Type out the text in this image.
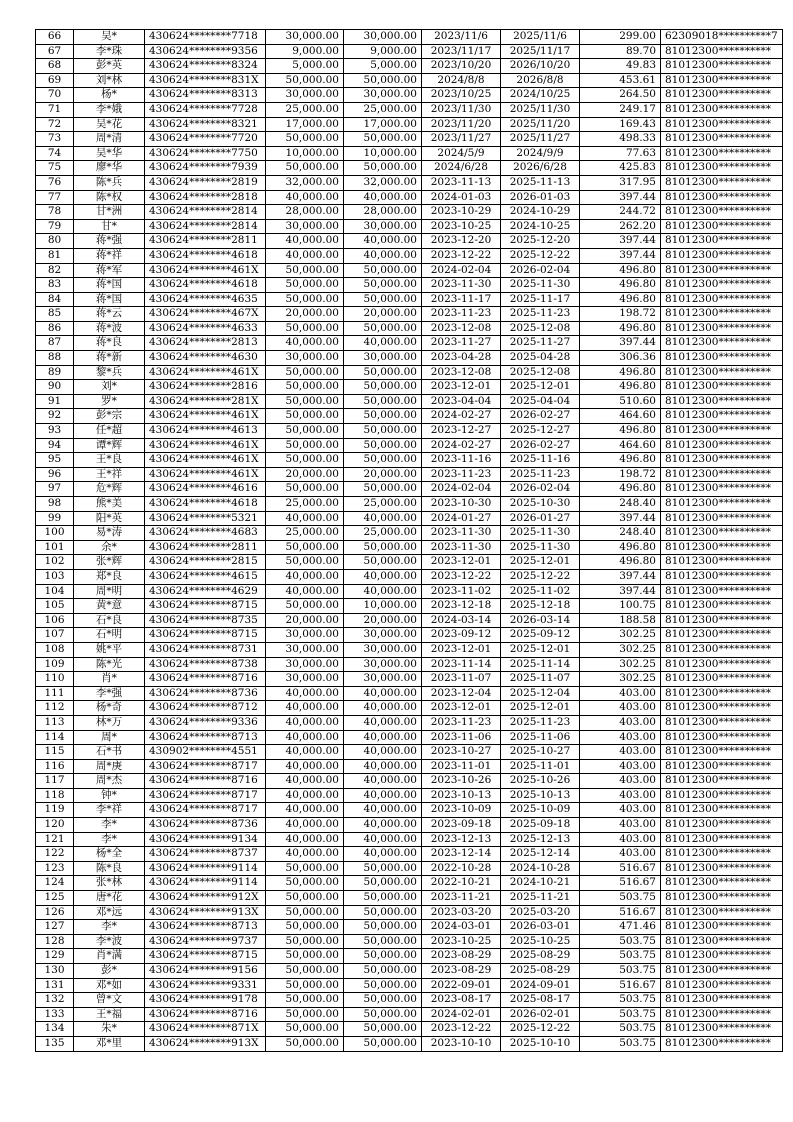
66	吴*	430624********7718	30,000.00	30,000.00	2023/11/6	2025/11/6	299.00	62309018**********7
67	李*珠	430624********9356	9,000.00	9,000.00	2023/11/17	2025/11/17	89.70	81012300**********
68	彭*英	430624********8324	5,000.00	5,000.00	2023/10/20	2026/10/20	49.83	81012300**********
69	刘*林	430624********831X	50,000.00	50,000.00	2024/8/8	2026/8/8	453.61	81012300**********
70	杨*	430624********8313	30,000.00	30,000.00	2023/10/25	2024/10/25	264.50	81012300**********
71	李*娥	430624********7728	25,000.00	25,000.00	2023/11/30	2025/11/30	249.17	81012300**********
72	吴*花	430624********8321	17,000.00	17,000.00	2023/11/20	2025/11/20	169.43	81012300**********
73	周*清	430624********7720	50,000.00	50,000.00	2023/11/27	2025/11/27	498.33	81012300**********
74	吴*华	430624********7750	10,000.00	10,000.00	2024/5/9	2024/9/9	77.63	81012300**********
75	廖*华	430624********7939	50,000.00	50,000.00	2024/6/28	2026/6/28	425.83	81012300**********
76	陈*兵	430624********2819	32,000.00	32,000.00	2023-11-13	2025-11-13	317.95	81012300**********
77	陈*权	430624********2818	40,000.00	40,000.00	2024-01-03	2026-01-03	397.44	81012300**********
78	甘*洲	430624********2814	28,000.00	28,000.00	2023-10-29	2024-10-29	244.72	81012300**********
79	甘*	430624********2814	30,000.00	30,000.00	2023-10-25	2024-10-25	262.20	81012300**********
80	蒋*强	430624********2811	40,000.00	40,000.00	2023-12-20	2025-12-20	397.44	81012300**********
81	蒋*祥	430624********4618	40,000.00	40,000.00	2023-12-22	2025-12-22	397.44	81012300**********
82	蒋*军	430624********461X	50,000.00	50,000.00	2024-02-04	2026-02-04	496.80	81012300**********
83	蒋*国	430624********4618	50,000.00	50,000.00	2023-11-30	2025-11-30	496.80	81012300**********
84	蒋*国	430624********4635	50,000.00	50,000.00	2023-11-17	2025-11-17	496.80	81012300**********
85	蒋*云	430624********467X	20,000.00	20,000.00	2023-11-23	2025-11-23	198.72	81012300**********
86	蒋*波	430624********4633	50,000.00	50,000.00	2023-12-08	2025-12-08	496.80	81012300**********
87	蒋*良	430624********2813	40,000.00	40,000.00	2023-11-27	2025-11-27	397.44	81012300**********
88	蒋*新	430624********4630	30,000.00	30,000.00	2023-04-28	2025-04-28	306.36	81012300**********
89	黎*兵	430624********461X	50,000.00	50,000.00	2023-12-08	2025-12-08	496.80	81012300**********
90	刘*	430624********2816	50,000.00	50,000.00	2023-12-01	2025-12-01	496.80	81012300**********
91	罗*	430624********281X	50,000.00	50,000.00	2023-04-04	2025-04-04	510.60	81012300**********
92	彭*宗	430624********461X	50,000.00	50,000.00	2024-02-27	2026-02-27	464.60	81012300**********
93	任*超	430624********4613	50,000.00	50,000.00	2023-12-27	2025-12-27	496.80	81012300**********
94	谭*辉	430624********461X	50,000.00	50,000.00	2024-02-27	2026-02-27	464.60	81012300**********
95	王*良	430624********461X	50,000.00	50,000.00	2023-11-16	2025-11-16	496.80	81012300**********
96	王*祥	430624********461X	20,000.00	20,000.00	2023-11-23	2025-11-23	198.72	81012300**********
97	危*辉	430624********4616	50,000.00	50,000.00	2024-02-04	2026-02-04	496.80	81012300**********
98	熊*美	430624********4618	25,000.00	25,000.00	2023-10-30	2025-10-30	248.40	81012300**********
99	阳*英	430624********5321	40,000.00	40,000.00	2024-01-27	2026-01-27	397.44	81012300**********
100	易*涛	430624********4683	25,000.00	25,000.00	2023-11-30	2025-11-30	248.40	81012300**********
101	余*	430624********2811	50,000.00	50,000.00	2023-11-30	2025-11-30	496.80	81012300**********
102	张*辉	430624********2815	50,000.00	50,000.00	2023-12-01	2025-12-01	496.80	81012300**********
103	郑*良	430624********4615	40,000.00	40,000.00	2023-12-22	2025-12-22	397.44	81012300**********
104	周*明	430624********4629	40,000.00	40,000.00	2023-11-02	2025-11-02	397.44	81012300**********
105	黄*意	430624********8715	50,000.00	10,000.00	2023-12-18	2025-12-18	100.75	81012300**********
106	石*良	430624********8735	20,000.00	20,000.00	2024-03-14	2026-03-14	188.58	81012300**********
107	石*明	430624********8715	30,000.00	30,000.00	2023-09-12	2025-09-12	302.25	81012300**********
108	姚*平	430624********8731	30,000.00	30,000.00	2023-12-01	2025-12-01	302.25	81012300**********
109	陈*光	430624********8738	30,000.00	30,000.00	2023-11-14	2025-11-14	302.25	81012300**********
110	肖*	430624********8716	30,000.00	30,000.00	2023-11-07	2025-11-07	302.25	81012300**********
111	李*强	430624********8736	40,000.00	40,000.00	2023-12-04	2025-12-04	403.00	81012300**********
112	杨*奇	430624********8712	40,000.00	40,000.00	2023-12-01	2025-12-01	403.00	81012300**********
113	林*万	430624********9336	40,000.00	40,000.00	2023-11-23	2025-11-23	403.00	81012300**********
114	周*	430624********8713	40,000.00	40,000.00	2023-11-06	2025-11-06	403.00	81012300**********
115	石*书	430902********4551	40,000.00	40,000.00	2023-10-27	2025-10-27	403.00	81012300**********
116	周*庚	430624********8717	40,000.00	40,000.00	2023-11-01	2025-11-01	403.00	81012300**********
117	周*杰	430624********8716	40,000.00	40,000.00	2023-10-26	2025-10-26	403.00	81012300**********
118	钟*	430624********8717	40,000.00	40,000.00	2023-10-13	2025-10-13	403.00	81012300**********
119	李*祥	430624********8717	40,000.00	40,000.00	2023-10-09	2025-10-09	403.00	81012300**********
120	李*	430624********8736	40,000.00	40,000.00	2023-09-18	2025-09-18	403.00	81012300**********
121	李*	430624********9134	40,000.00	40,000.00	2023-12-13	2025-12-13	403.00	81012300**********
122	杨*全	430624********8737	40,000.00	40,000.00	2023-12-14	2025-12-14	403.00	81012300**********
123	陈*良	430624********9114	50,000.00	50,000.00	2022-10-28	2024-10-28	516.67	81012300**********
124	张*林	430624********9114	50,000.00	50,000.00	2022-10-21	2024-10-21	516.67	81012300**********
125	唐*花	430624********912X	50,000.00	50,000.00	2023-11-21	2025-11-21	503.75	81012300**********
126	邓*远	430624********913X	50,000.00	50,000.00	2023-03-20	2025-03-20	516.67	81012300**********
127	李*	430624********8713	50,000.00	50,000.00	2024-03-01	2026-03-01	471.46	81012300**********
128	李*波	430624********9737	50,000.00	50,000.00	2023-10-25	2025-10-25	503.75	81012300**********
129	肖*满	430624********8715	50,000.00	50,000.00	2023-08-29	2025-08-29	503.75	81012300**********
130	彭*	430624********9156	50,000.00	50,000.00	2023-08-29	2025-08-29	503.75	81012300**********
131	邓*如	430624********9331	50,000.00	50,000.00	2022-09-01	2024-09-01	516.67	81012300**********
132	曾*文	430624********9178	50,000.00	50,000.00	2023-08-17	2025-08-17	503.75	81012300**********
133	王*福	430624********8716	50,000.00	50,000.00	2024-02-01	2026-02-01	503.75	81012300**********
134	朱*	430624********871X	50,000.00	50,000.00	2023-12-22	2025-12-22	503.75	81012300**********
135	邓*里	430624********913X	50,000.00	50,000.00	2023-10-10	2025-10-10	503.75	81012300**********
